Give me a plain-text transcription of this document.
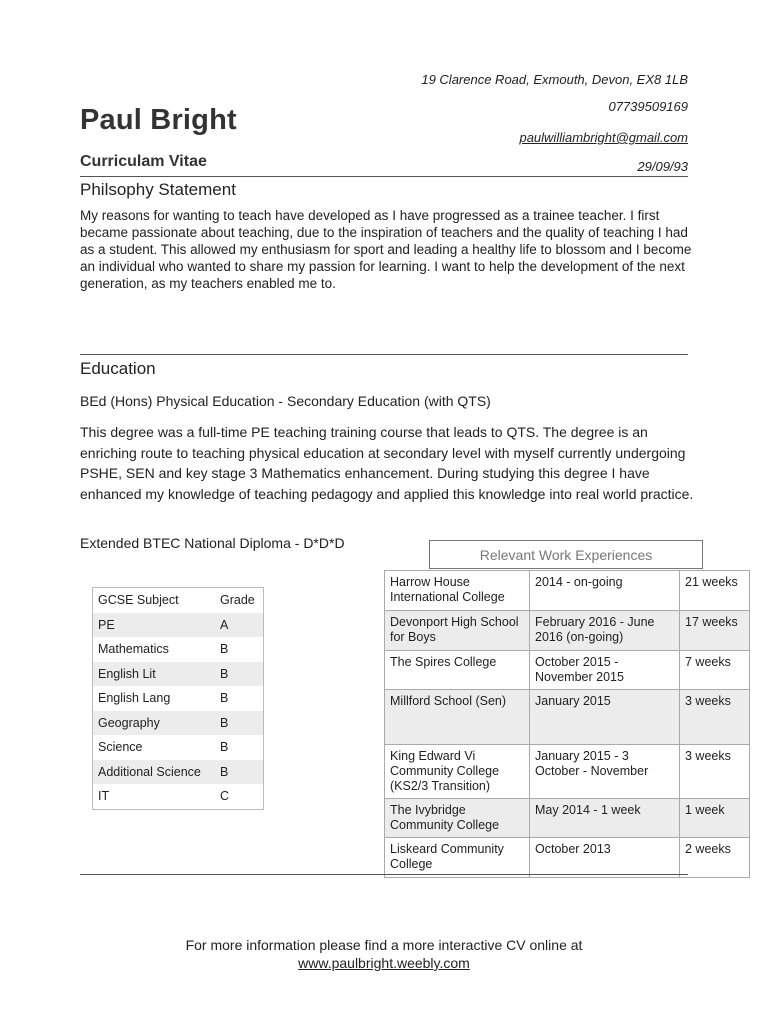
19 Clarence Road, Exmouth, Devon, EX8 1LB
07739509169
paulwilliambright@gmail.com
29/09/93
Paul Bright
Curriculam Vitae
Philsophy Statement
My reasons for wanting to teach have developed as I have progressed as a trainee teacher. I first became passionate about teaching, due to the inspiration of teachers and the quality of teaching I had as a student. This allowed my enthusiasm for sport and leading a healthy life to blossom and I become an individual who wanted to share my passion for learning. I want to help the development of the next generation, as my teachers enabled me to.
Education
BEd (Hons) Physical Education - Secondary Education (with QTS)
This degree was a full-time PE teaching training course that leads to QTS. The degree is an enriching route to teaching physical education at secondary level with myself currently undergoing PSHE, SEN and key stage 3 Mathematics enhancement. During studying this degree I have enhanced my knowledge of teaching pedagogy and applied this knowledge into real world practice.
Extended BTEC National Diploma - D*D*D
GCSE Subject	Grade
PE	A
Mathematics	B
English Lit	B
English Lang	B
Geography	B
Science	B
Additional Science	B
IT	C
Relevant Work Experiences
Harrow House International College	2014 - on-going	21 weeks
Devonport High School for Boys	February 2016 - June 2016 (on-going)	17 weeks
The Spires College	October 2015 - November 2015	7 weeks
Millford School (Sen)	January 2015	3 weeks
King Edward Vi Community College (KS2/3 Transition)	January 2015 - 3 October - November	3 weeks
The Ivybridge Community College	May 2014 - 1 week	1 week
Liskeard Community College	October 2013	2 weeks
For more information please find a more interactive CV online at
www.paulbright.weebly.com
